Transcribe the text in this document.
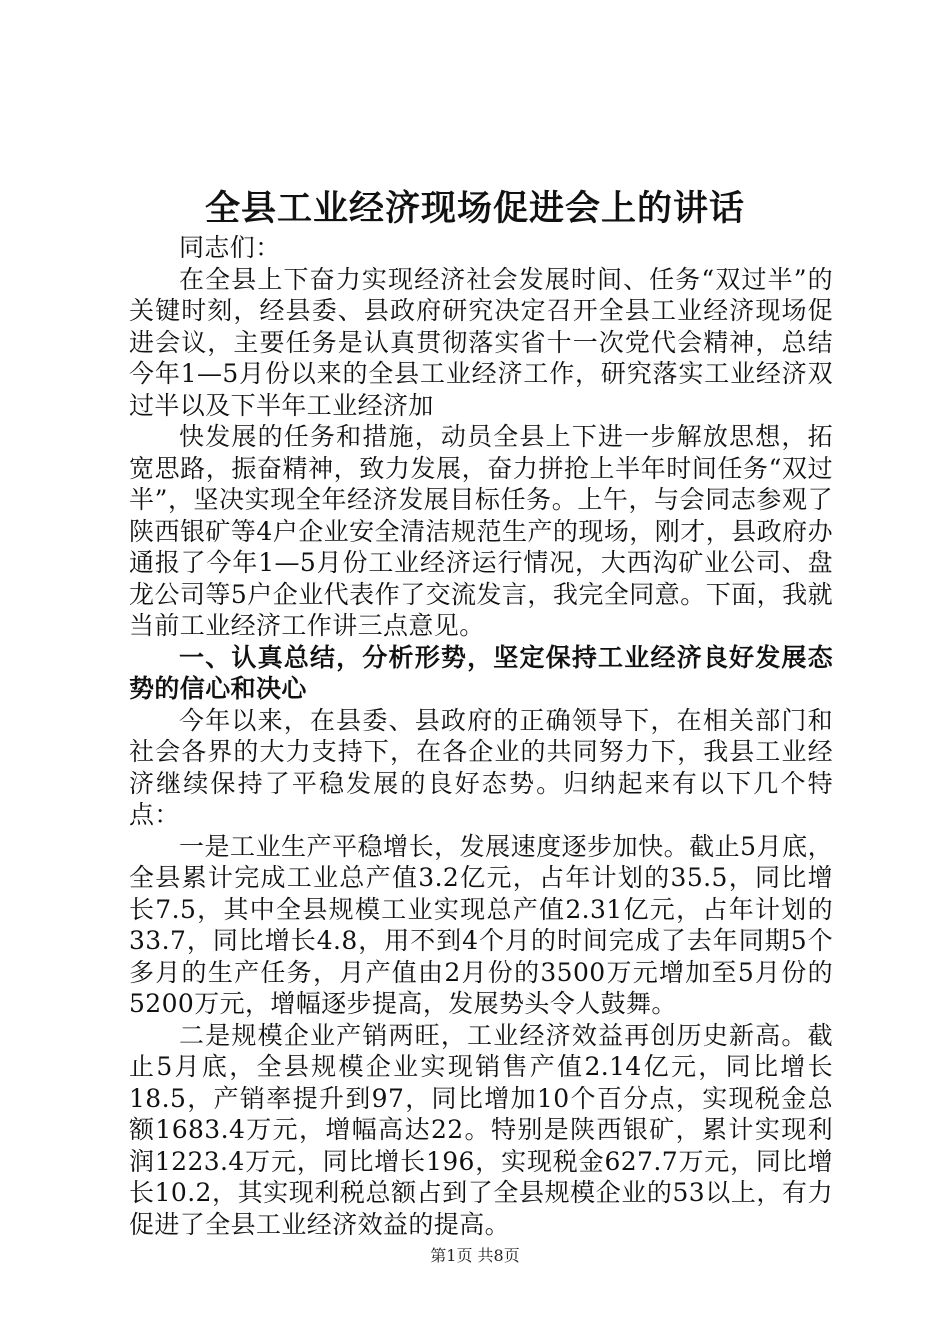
全县工业经济现场促进会上的讲话

同志们：

在全县上下奋力实现经济社会发展时间、任务“双过半”的关键时刻，经县委、县政府研究决定召开全县工业经济现场促进会议，主要任务是认真贯彻落实省十一次党代会精神，总结今年1—5月份以来的全县工业经济工作，研究落实工业经济双过半以及下半年工业经济加

快发展的任务和措施，动员全县上下进一步解放思想，拓宽思路，振奋精神，致力发展，奋力拼抢上半年时间任务“双过半”，坚决实现全年经济发展目标任务。上午，与会同志参观了陕西银矿等4户企业安全清洁规范生产的现场，刚才，县政府办通报了今年1—5月份工业经济运行情况，大西沟矿业公司、盘龙公司等5户企业代表作了交流发言，我完全同意。下面，我就当前工业经济工作讲三点意见。

一、认真总结，分析形势，坚定保持工业经济良好发展态势的信心和决心

今年以来，在县委、县政府的正确领导下，在相关部门和社会各界的大力支持下，在各企业的共同努力下，我县工业经济继续保持了平稳发展的良好态势。归纳起来有以下几个特点：

一是工业生产平稳增长，发展速度逐步加快。截止5月底，全县累计完成工业总产值3.2亿元，占年计划的35.5，同比增长7.5，其中全县规模工业实现总产值2.31亿元，占年计划的33.7，同比增长4.8，用不到4个月的时间完成了去年同期5个多月的生产任务，月产值由2月份的3500万元增加至5月份的5200万元，增幅逐步提高，发展势头令人鼓舞。

二是规模企业产销两旺，工业经济效益再创历史新高。截止5月底，全县规模企业实现销售产值2.14亿元，同比增长18.5，产销率提升到97，同比增加10个百分点，实现税金总额1683.4万元，增幅高达22。特别是陕西银矿，累计实现利润1223.4万元，同比增长196，实现税金627.7万元，同比增长10.2，其实现利税总额占到了全县规模企业的53以上，有力促进了全县工业经济效益的提高。

第1页 共8页
